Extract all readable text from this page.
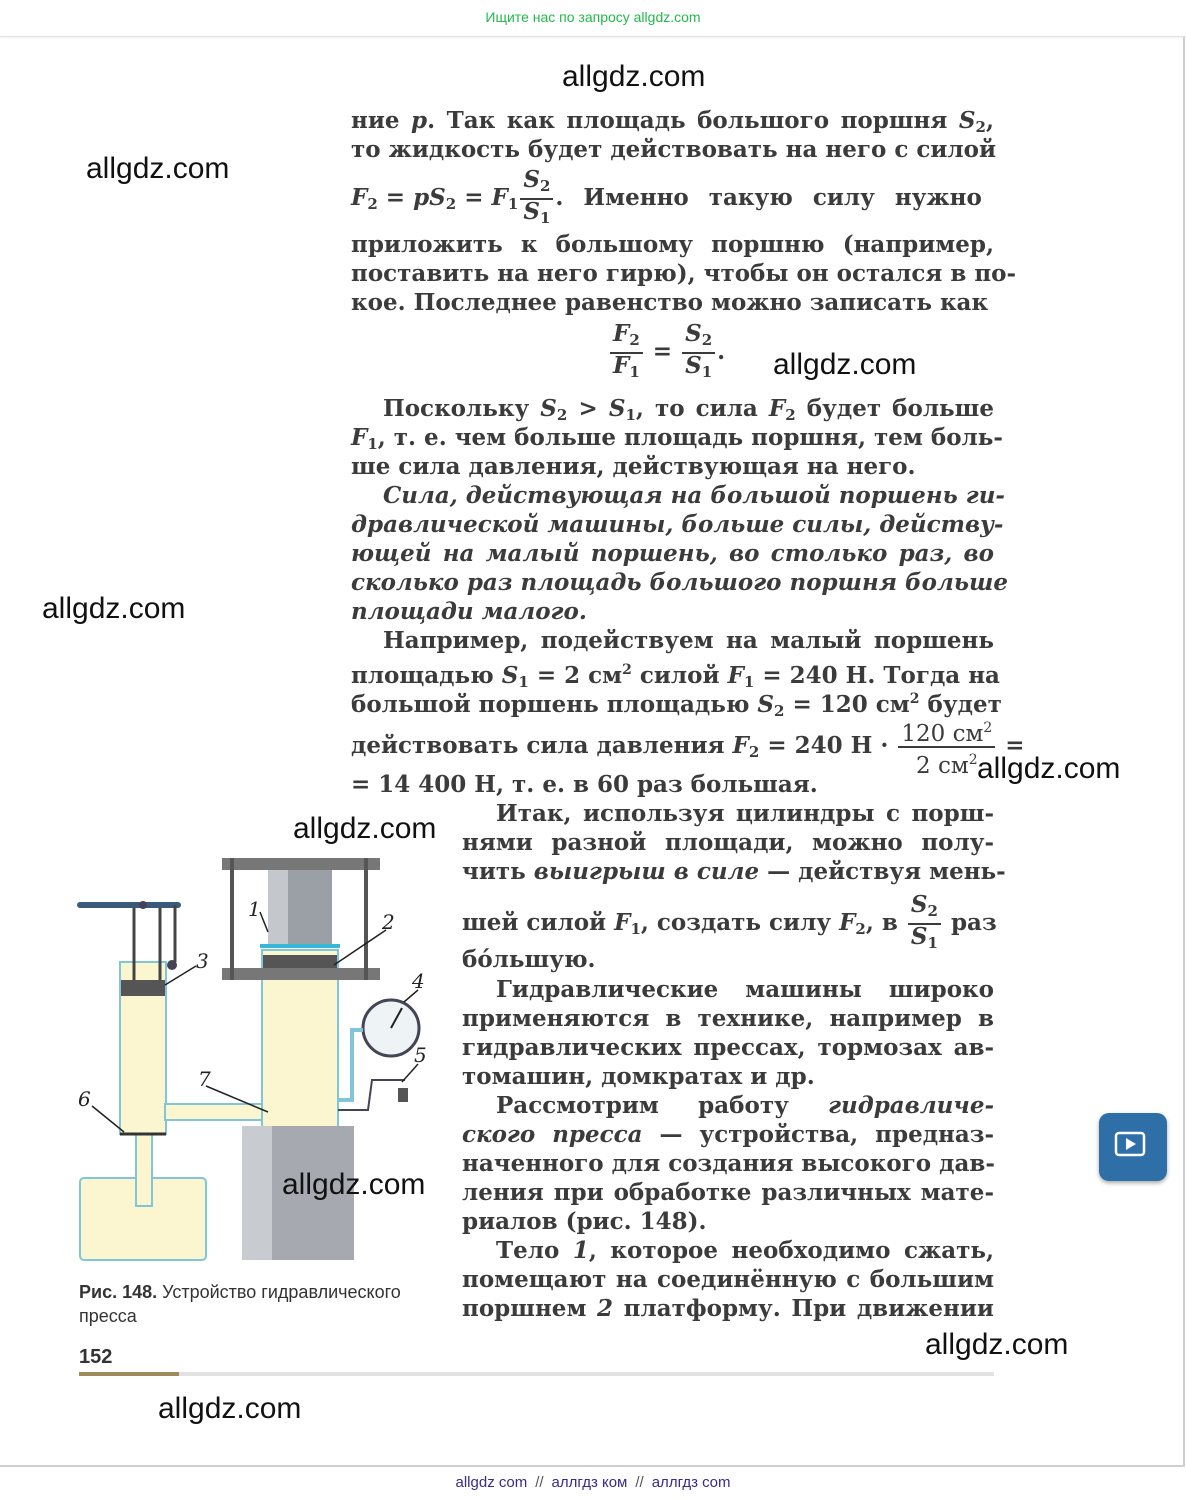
Ищите нас по запросу allgdz.com
ние p. Так как площадь большого поршня $S_2$,
то жидкость будет действовать на него с силой
$F_2 = pS_2 = F_1 \frac{S_2}{S_1}$ . Именно такую силу нужно
приложить к большому поршню (например,
поставить на него гирю), чтобы он остался в по-
кое. Последнее равенство можно записать как
$\frac{F_2}{F_1} = \frac{S_2}{S_1}$ .
Поскольку $S_2 > S_1$, то сила $F_2$ будет больше
$F_1$, т. е. чем больше площадь поршня, тем боль-
ше сила давления, действующая на него.
Сила, действующая на большой поршень ги-
дравлической машины, больше силы, действу-
ющей на малый поршень, во столько раз, во
сколько раз площадь большого поршня больше
площади малого.
Например, подействуем на малый поршень
площадью $S_1 = 2$ $см^2$ силой $F_1 = 240$ Н. Тогда на
большой поршень площадью $S_2 = 120$ $см^2$ будет
действовать сила давления $F_2 = 240$ $Н \cdot \frac{120 см^2}{2 см^2}$ =
= 14 400 Н, т. е. в 60 раз большая.
Итак, используя цилиндры с порш-
нями разной площади, можно полу-
чить выигрыш в силе — действуя мень-
шей силой $F_1$, создать силу $F_2$, в $\frac{S_2}{S_1}$ раз
бо́льшую.
Гидравлические машины широко
применяются в технике, например в
гидравлических прессах, тормозах ав-
томашин, домкратах и др.
Рассмотрим работу гидравличе-
ского пресса — устройства, предназ-
наченного для создания высокого дав-
ления при обработке различных мате-
риалов (рис. 148).
Тело 1, которое необходимо сжать,
помещают на соединённую с большим
поршнем 2 платформу. При движении
1
2
3
4
5
6
7
Рис. 148. Устройство гидравлического пресса
152
allgdz.com
allgdz.com
allgdz.com
allgdz.com
allgdz.com
allgdz.com
allgdz.com
allgdz.com
allgdz.com
allgdz com // аллгдз ком // аллгдз com
